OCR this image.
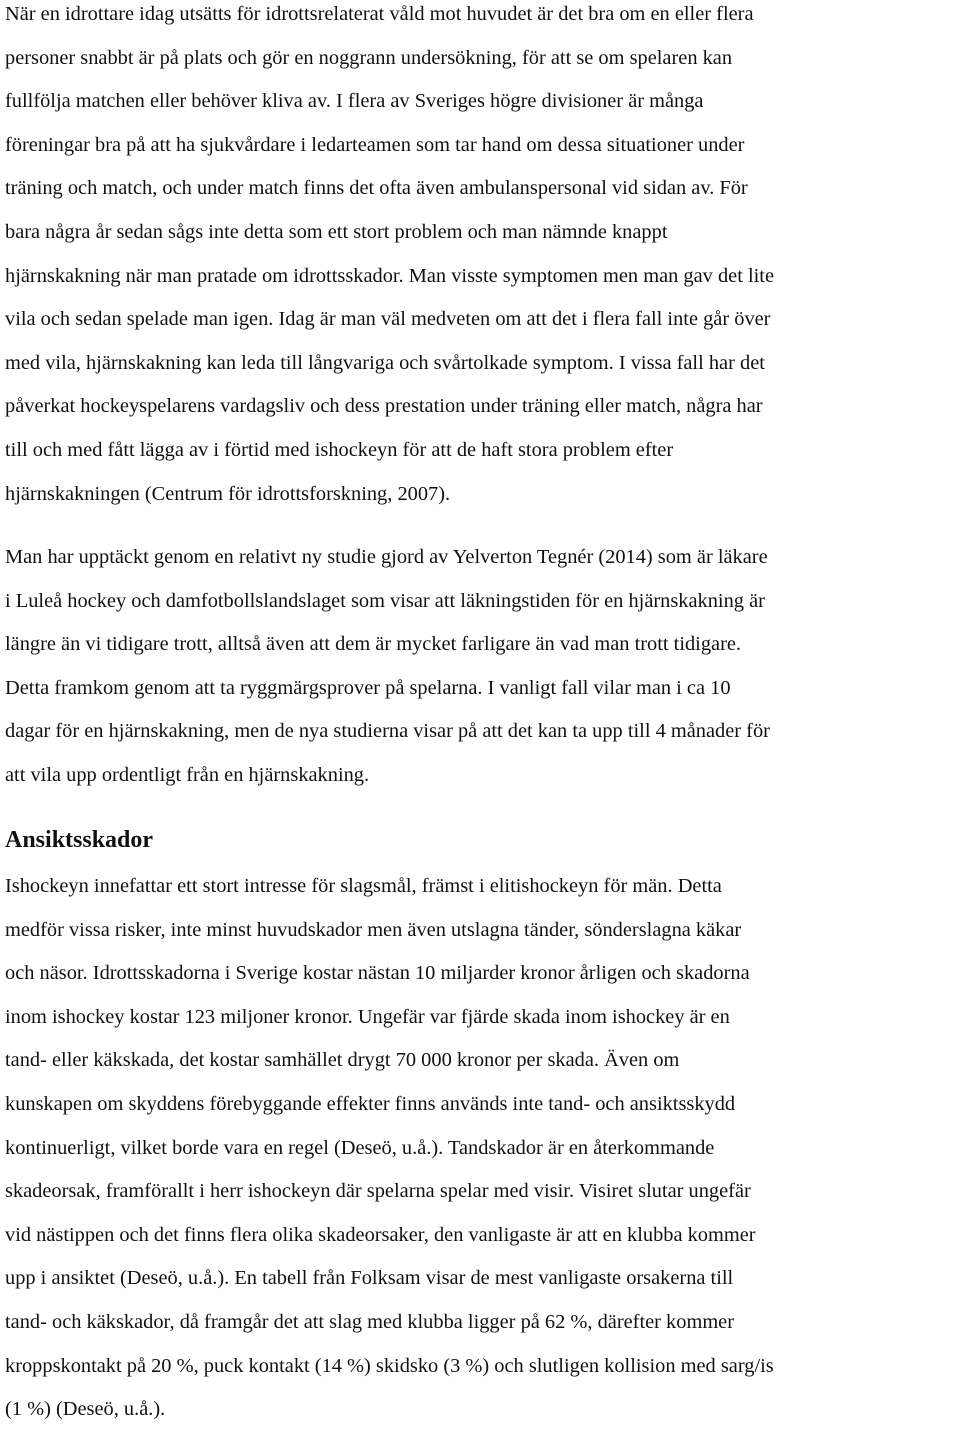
När en idrottare idag utsätts för idrottsrelaterat våld mot huvudet är det bra om en eller flera
personer snabbt är på plats och gör en noggrann undersökning, för att se om spelaren kan
fullfölja matchen eller behöver kliva av. I flera av Sveriges högre divisioner är många
föreningar bra på att ha sjukvårdare i ledarteamen som tar hand om dessa situationer under
träning och match, och under match finns det ofta även ambulanspersonal vid sidan av. För
bara några år sedan sågs inte detta som ett stort problem och man nämnde knappt
hjärnskakning när man pratade om idrottsskador. Man visste symptomen men man gav det lite
vila och sedan spelade man igen. Idag är man väl medveten om att det i flera fall inte går över
med vila, hjärnskakning kan leda till långvariga och svårtolkade symptom. I vissa fall har det
påverkat hockeyspelarens vardagsliv och dess prestation under träning eller match, några har
till och med fått lägga av i förtid med ishockeyn för att de haft stora problem efter
hjärnskakningen (Centrum för idrottsforskning, 2007).
Man har upptäckt genom en relativt ny studie gjord av Yelverton Tegnér (2014) som är läkare
i Luleå hockey och damfotbollslandslaget som visar att läkningstiden för en hjärnskakning är
längre än vi tidigare trott, alltså även att dem är mycket farligare än vad man trott tidigare.
Detta framkom genom att ta ryggmärgsprover på spelarna. I vanligt fall vilar man i ca 10
dagar för en hjärnskakning, men de nya studierna visar på att det kan ta upp till 4 månader för
att vila upp ordentligt från en hjärnskakning.
Ansiktsskador
Ishockeyn innefattar ett stort intresse för slagsmål, främst i elitishockeyn för män. Detta
medför vissa risker, inte minst huvudskador men även utslagna tänder, sönderslagna käkar
och näsor. Idrottsskadorna i Sverige kostar nästan 10 miljarder kronor årligen och skadorna
inom ishockey kostar 123 miljoner kronor. Ungefär var fjärde skada inom ishockey är en
tand- eller käkskada, det kostar samhället drygt 70 000 kronor per skada. Även om
kunskapen om skyddens förebyggande effekter finns används inte tand- och ansiktsskydd
kontinuerligt, vilket borde vara en regel (Deseö, u.å.). Tandskador är en återkommande
skadeorsak, framförallt i herr ishockeyn där spelarna spelar med visir. Visiret slutar ungefär
vid nästippen och det finns flera olika skadeorsaker, den vanligaste är att en klubba kommer
upp i ansiktet (Deseö, u.å.). En tabell från Folksam visar de mest vanligaste orsakerna till
tand- och käkskador, då framgår det att slag med klubba ligger på 62 %, därefter kommer
kroppskontakt på 20 %, puck kontakt (14 %) skidsko (3 %) och slutligen kollision med sarg/is
(1 %) (Deseö, u.å.).
